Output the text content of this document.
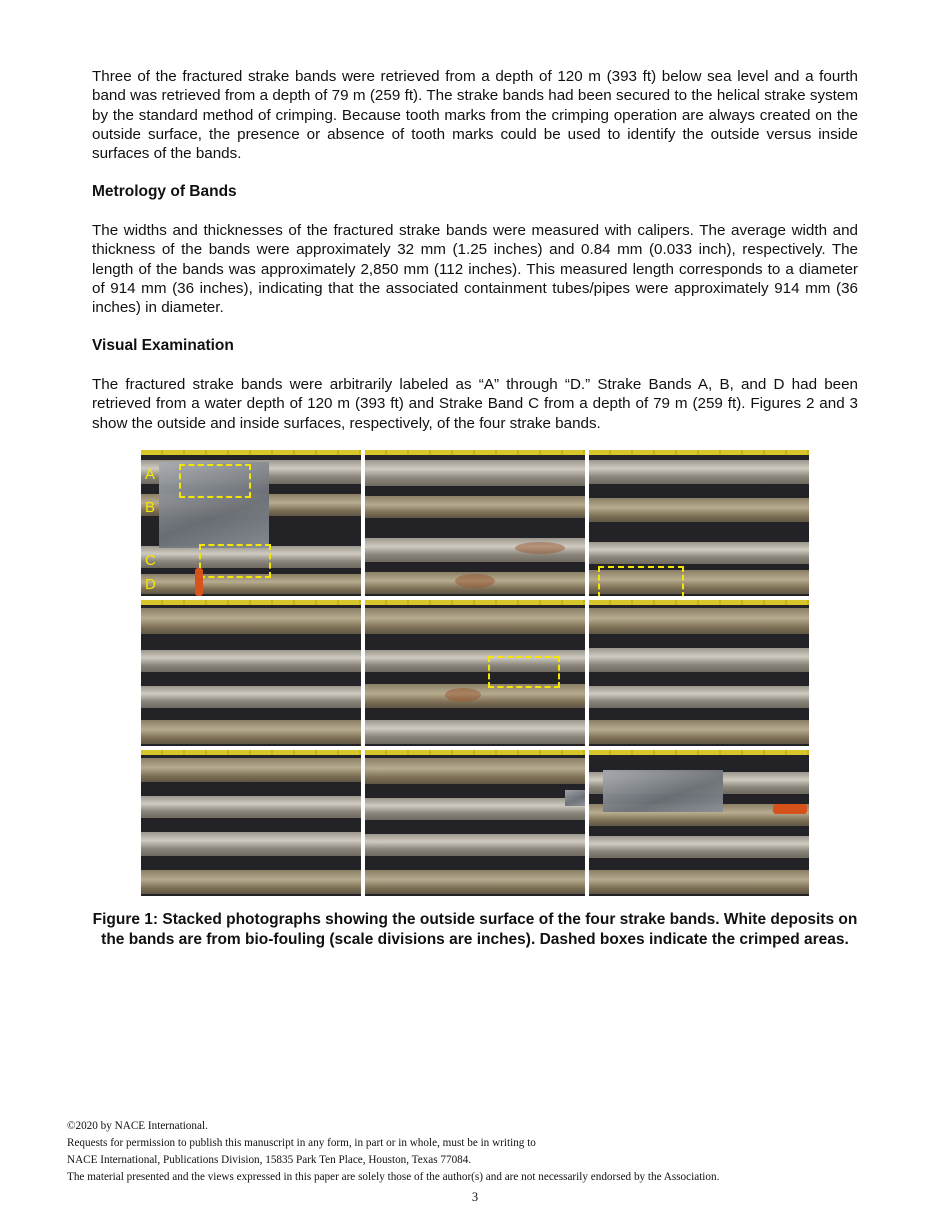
Three of the fractured strake bands were retrieved from a depth of 120 m (393 ft) below sea level and a fourth band was retrieved from a depth of 79 m (259 ft). The strake bands had been secured to the helical strake system by the standard method of crimping. Because tooth marks from the crimping operation are always created on the outside surface, the presence or absence of tooth marks could be used to identify the outside versus inside surfaces of the bands.

Metrology of Bands

The widths and thicknesses of the fractured strake bands were measured with calipers. The average width and thickness of the bands were approximately 32 mm (1.25 inches) and 0.84 mm (0.033 inch), respectively. The length of the bands was approximately 2,850 mm (112 inches). This measured length corresponds to a diameter of 914 mm (36 inches), indicating that the associated containment tubes/pipes were approximately 914 mm (36 inches) in diameter.

Visual Examination

The fractured strake bands were arbitrarily labeled as “A” through “D.” Strake Bands A, B, and D had been retrieved from a water depth of 120 m (393 ft) and Strake Band C from a depth of 79 m (259 ft). Figures 2 and 3 show the outside and inside surfaces, respectively, of the four strake bands.

A
B
C
D

Figure 1: Stacked photographs showing the outside surface of the four strake bands. White deposits on the bands are from bio-fouling (scale divisions are inches). Dashed boxes indicate the crimped areas.

©2020 by NACE International.

Requests for permission to publish this manuscript in any form, in part or in whole, must be in writing to

NACE International, Publications Division, 15835 Park Ten Place, Houston, Texas 77084.

The material presented and the views expressed in this paper are solely those of the author(s) and are not necessarily endorsed by the Association.

3
